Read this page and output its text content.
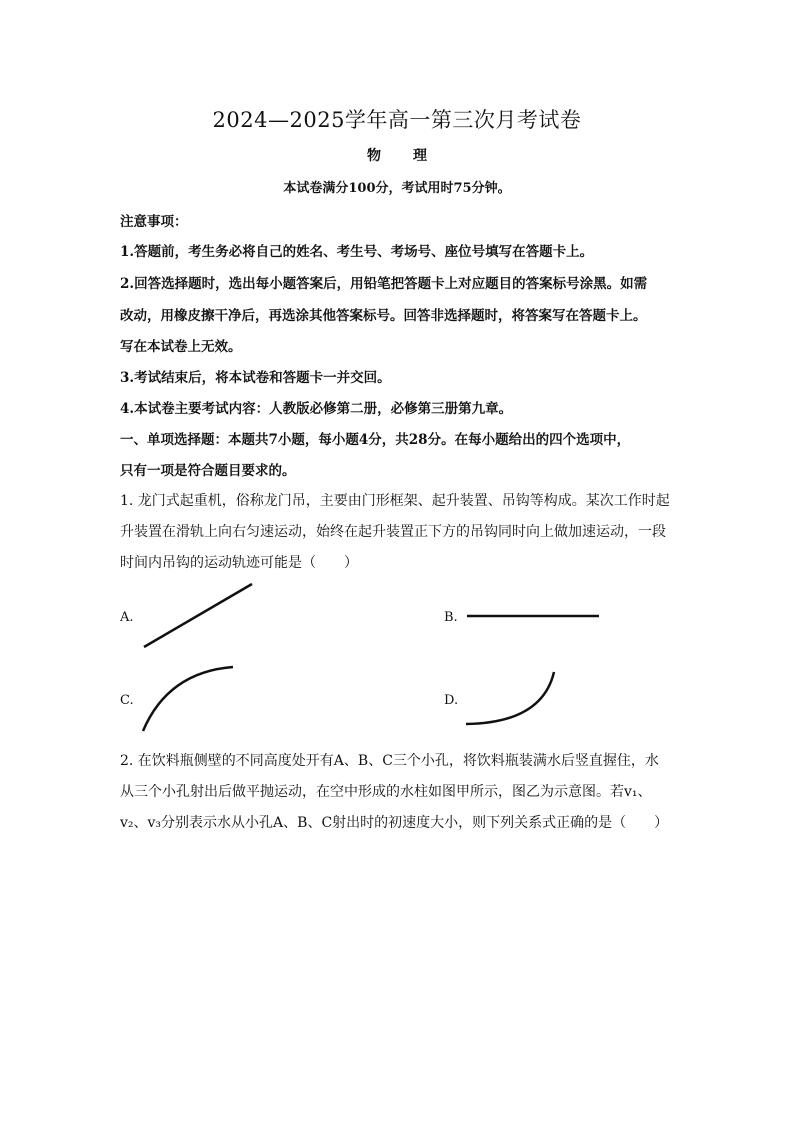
2024—2025学年高一第三次月考试卷
物理
本试卷满分100分，考试用时75分钟。
注意事项：
1.答题前，考生务必将自己的姓名、考生号、考场号、座位号填写在答题卡上。
2.回答选择题时，选出每小题答案后，用铅笔把答题卡上对应题目的答案标号涂黑。如需
改动，用橡皮擦干净后，再选涂其他答案标号。回答非选择题时，将答案写在答题卡上。
写在本试卷上无效。
3.考试结束后，将本试卷和答题卡一并交回。
4.本试卷主要考试内容：人教版必修第二册，必修第三册第九章。
一、单项选择题：本题共7小题，每小题4分，共28分。在每小题给出的四个选项中，
只有一项是符合题目要求的。
1. 龙门式起重机，俗称龙门吊，主要由门形框架、起升装置、吊钩等构成。某次工作时起
升装置在滑轨上向右匀速运动，始终在起升装置正下方的吊钩同时向上做加速运动，一段
时间内吊钩的运动轨迹可能是（　　）
A.	B.
C.	D.
2. 在饮料瓶侧壁的不同高度处开有A、B、C三个小孔，将饮料瓶装满水后竖直握住，水
从三个小孔射出后做平抛运动，在空中形成的水柱如图甲所示，图乙为示意图。若v₁、
v₂、v₃分别表示水从小孔A、B、C射出时的初速度大小，则下列关系式正确的是（　　）
